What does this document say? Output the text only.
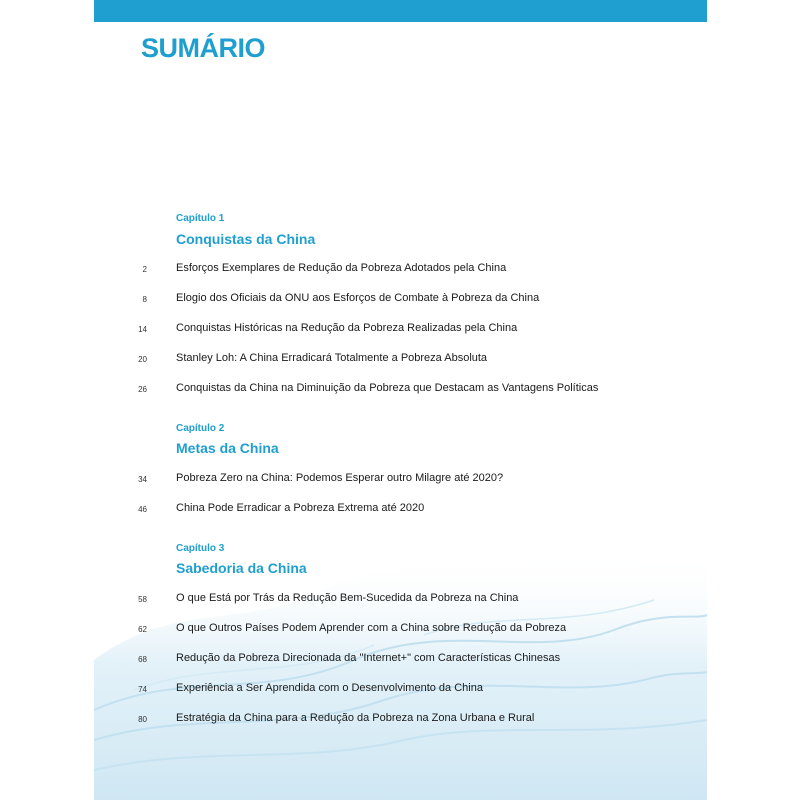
SUMÁRIO
Capítulo 1
Conquistas da China
2	Esforços Exemplares de Redução da Pobreza Adotados pela China
8	Elogio dos Oficiais da ONU aos Esforços de Combate à Pobreza da China
14	Conquistas Históricas na Redução da Pobreza Realizadas pela China
20	Stanley Loh: A China Erradicará Totalmente a Pobreza Absoluta
26	Conquistas da China na Diminuição da Pobreza que Destacam as Vantagens Políticas
Capítulo 2
Metas da China
34	Pobreza Zero na China: Podemos Esperar outro Milagre até 2020?
46	China Pode Erradicar a Pobreza Extrema até 2020
Capítulo 3
Sabedoria da China
58	O que Está por Trás da Redução Bem-Sucedida da Pobreza na China
62	O que Outros Países Podem Aprender com a China sobre Redução da Pobreza
68	Redução da Pobreza Direcionada da "Internet+" com Características Chinesas
74	Experiência a Ser Aprendida com o Desenvolvimento da China
80	Estratégia da China para a Redução da Pobreza na Zona Urbana e Rural
